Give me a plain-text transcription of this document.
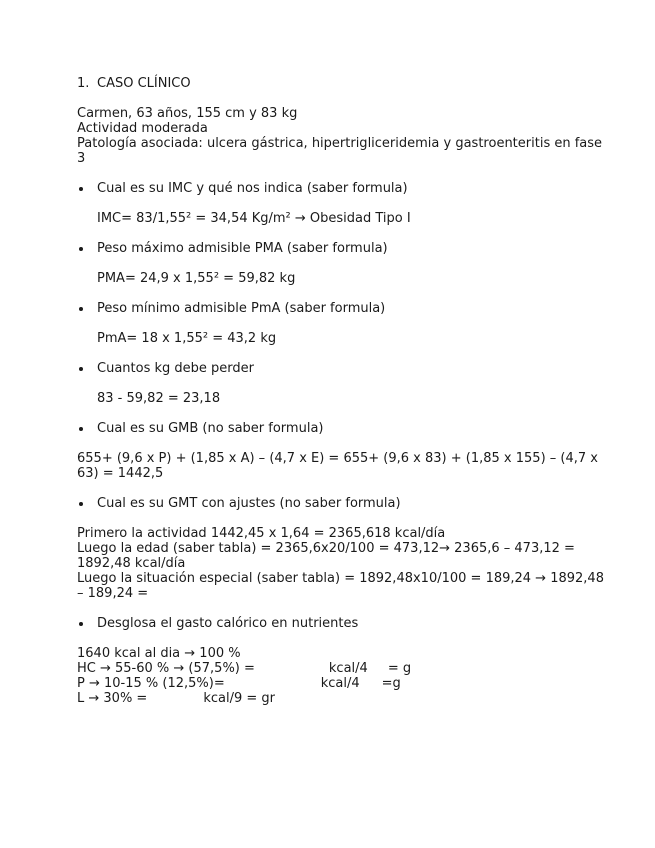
1. CASO CLÍNICO
Carmen, 63 años, 155 cm y 83 kg
Actividad moderada
Patología asociada: ulcera gástrica, hipertrigliceridemia y gastroenteritis en fase 3
Cual es su IMC y qué nos indica (saber formula)
IMC= 83/1,55² = 34,54 Kg/m² → Obesidad Tipo I
Peso máximo admisible PMA (saber formula)
PMA= 24,9 x 1,55² = 59,82 kg
Peso mínimo admisible PmA (saber formula)
PmA= 18 x 1,55² = 43,2 kg
Cuantos kg debe perder
83 - 59,82 = 23,18
Cual es su GMB (no saber formula)
655+ (9,6 x P) + (1,85 x A) – (4,7 x E) = 655+ (9,6 x 83) + (1,85 x 155) – (4,7 x 63) = 1442,5
Cual es su GMT con ajustes (no saber formula)
Primero la actividad 1442,45 x 1,64 = 2365,618 kcal/día
Luego la edad (saber tabla) = 2365,6x20/100 = 473,12→ 2365,6 – 473,12 = 1892,48 kcal/día
Luego la situación especial (saber tabla) = 1892,48x10/100 = 189,24 → 1892,48 – 189,24 =
Desglosa el gasto calórico en nutrientes
1640 kcal al dia → 100 %
HC → 55-60 % → (57,5%) =	kcal/4 = g
P → 10-15 % (12,5%)=	kcal/4 =g
L → 30% =	kcal/9 = gr
